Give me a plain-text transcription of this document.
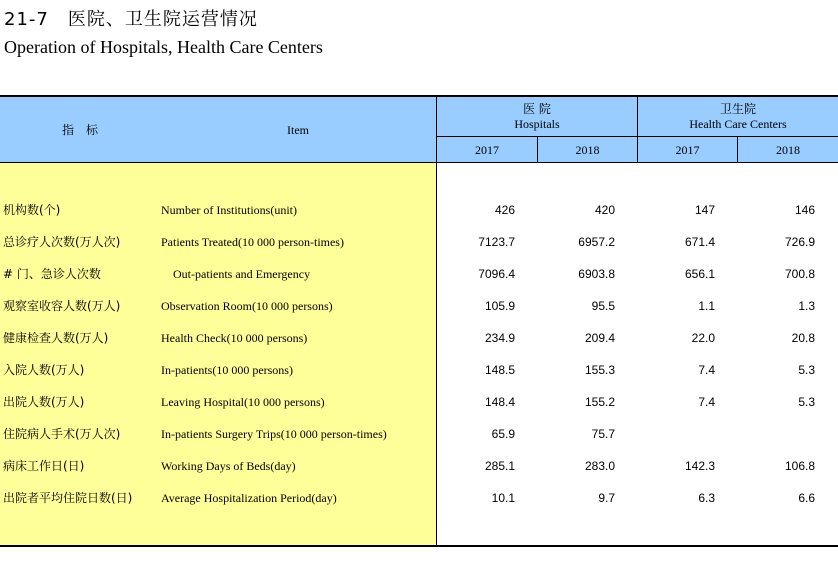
21-7　医院、卫生院运营情况
Operation of Hospitals, Health Care Centers
指　标	Item
医 院
Hospitals
卫生院
Health Care Centers
2017	2018	2017	2018
机构数(个)	Number of Institutions(unit)	426	420	147	146
总诊疗人次数(万人次)	Patients Treated(10 000 person-times)	7123.7	6957.2	671.4	726.9
# 门、急诊人次数	Out-patients and Emergency	7096.4	6903.8	656.1	700.8
观察室收容人数(万人)	Observation Room(10 000 persons)	105.9	95.5	1.1	1.3
健康检查人数(万人)	Health Check(10 000 persons)	234.9	209.4	22.0	20.8
入院人数(万人)	In-patients(10 000 persons)	148.5	155.3	7.4	5.3
出院人数(万人)	Leaving Hospital(10 000 persons)	148.4	155.2	7.4	5.3
住院病人手术(万人次)	In-patients Surgery Trips(10 000 person-times)	65.9	75.7
病床工作日(日)	Working Days of Beds(day)	285.1	283.0	142.3	106.8
出院者平均住院日数(日) Average Hospitalization Period(day)	10.1	9.7	6.3	6.6
